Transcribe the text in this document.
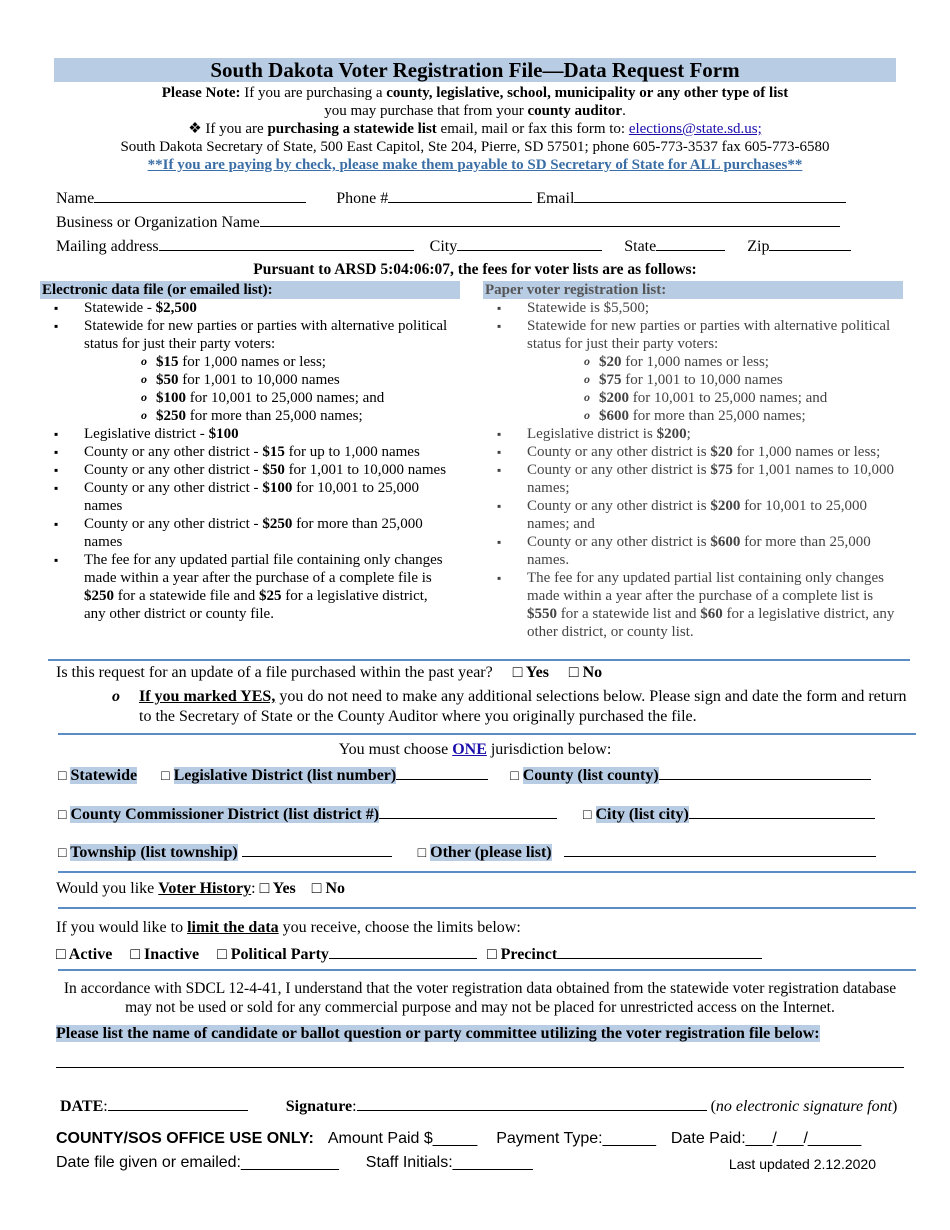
South Dakota Voter Registration File—Data Request Form
Please Note: If you are purchasing a county, legislative, school, municipality or any other type of list
you may purchase that from your county auditor.
❖ If you are purchasing a statewide list email, mail or fax this form to: elections@state.sd.us;
South Dakota Secretary of State, 500 East Capitol, Ste 204, Pierre, SD 57501; phone 605-773-3537 fax 605-773-6580
**If you are paying by check, please make them payable to SD Secretary of State for ALL purchases**
Name	Phone #	Email
Business or Organization Name
Mailing address	City	State	Zip
Pursuant to ARSD 5:04:06:07, the fees for voter lists are as follows:
Electronic data file (or emailed list):
▪ Statewide - $2,500
▪ Statewide for new parties or parties with alternative political status for just their party voters:
o $15 for 1,000 names or less;
o $50 for 1,001 to 10,000 names
o $100 for 10,001 to 25,000 names; and
o $250 for more than 25,000 names;
▪ Legislative district - $100
▪ County or any other district - $15 for up to 1,000 names
▪ County or any other district - $50 for 1,001 to 10,000 names
▪ County or any other district - $100 for 10,001 to 25,000 names
▪ County or any other district - $250 for more than 25,000 names
▪ The fee for any updated partial file containing only changes made within a year after the purchase of a complete file is $250 for a statewide file and $25 for a legislative district, any other district or county file.
Paper voter registration list:
▪ Statewide is $5,500;
▪ Statewide for new parties or parties with alternative political status for just their party voters:
o $20 for 1,000 names or less;
o $75 for 1,001 to 10,000 names
o $200 for 10,001 to 25,000 names; and
o $600 for more than 25,000 names;
▪ Legislative district is $200;
▪ County or any other district is $20 for 1,000 names or less;
▪ County or any other district is $75 for 1,001 names to 10,000 names;
▪ County or any other district is $200 for 10,001 to 25,000 names; and
▪ County or any other district is $600 for more than 25,000 names.
▪ The fee for any updated partial list containing only changes made within a year after the purchase of a complete list is $550 for a statewide list and $60 for a legislative district, any other district, or county list.
Is this request for an update of a file purchased within the past year? □ Yes □ No
o	If you marked YES, you do not need to make any additional selections below. Please sign and date the form and return to the Secretary of State or the County Auditor where you originally purchased the file.
You must choose ONE jurisdiction below:
□ Statewide □ Legislative District (list number)	□ County (list county)
□ County Commissioner District (list district #)	□ City (list city)
□ Township (list township)	□ Other (please list)
Would you like Voter History: □ Yes □ No
If you would like to limit the data you receive, choose the limits below:
□ Active □ Inactive □ Political Party	□ Precinct
In accordance with SDCL 12-4-41, I understand that the voter registration data obtained from the statewide voter registration database may not be used or sold for any commercial purpose and may not be placed for unrestricted access on the Internet.
Please list the name of candidate or ballot question or party committee utilizing the voter registration file below:
DATE:	Signature:	(no electronic signature font)
COUNTY/SOS OFFICE USE ONLY: Amount Paid $_____ Payment Type:______ Date Paid:___/___/______
Date file given or emailed:___________ Staff Initials:_________	Last updated 2.12.2020
